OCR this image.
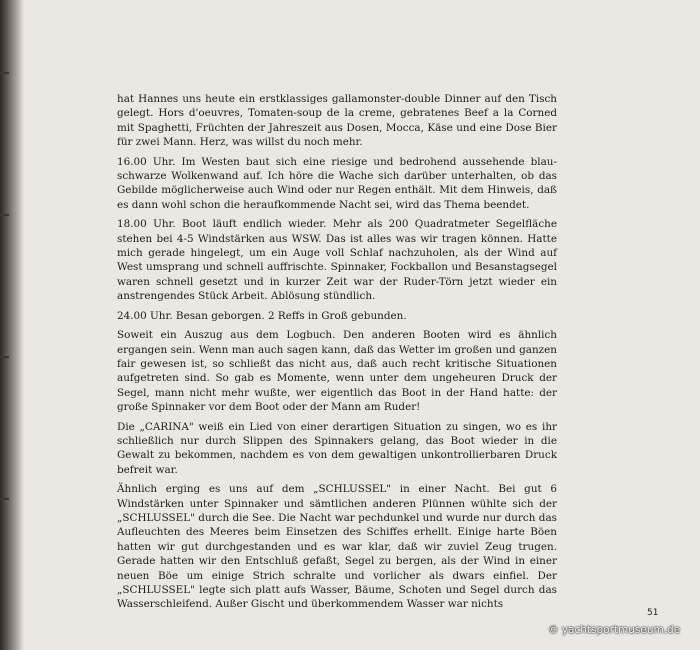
hat Hannes uns heute ein erstklassiges gallamonster-double Dinner auf den Tisch gelegt. Hors d'oeuvres, Tomaten-soup de la creme, gebratenes Beef a la Corned mit Spaghetti, Früchten der Jahreszeit aus Dosen, Mocca, Käse und eine Dose Bier für zwei Mann. Herz, was willst du noch mehr.

16.00 Uhr. Im Westen baut sich eine riesige und bedrohend aussehende blau-schwarze Wolkenwand auf. Ich höre die Wache sich darüber unterhalten, ob das Gebilde möglicherweise auch Wind oder nur Regen enthält. Mit dem Hinweis, daß es dann wohl schon die heraufkommende Nacht sei, wird das Thema beendet.

18.00 Uhr. Boot läuft endlich wieder. Mehr als 200 Quadratmeter Segelfläche stehen bei 4-5 Windstärken aus WSW. Das ist alles was wir tragen können. Hatte mich gerade hingelegt, um ein Auge voll Schlaf nachzuholen, als der Wind auf West umsprang und schnell auffrischte. Spinnaker, Fockballon und Besanstagsegel waren schnell gesetzt und in kurzer Zeit war der Ruder-Törn jetzt wieder ein anstrengendes Stück Arbeit. Ablösung stündlich.

24.00 Uhr. Besan geborgen. 2 Reffs in Groß gebunden.

Soweit ein Auszug aus dem Logbuch. Den anderen Booten wird es ähnlich ergangen sein. Wenn man auch sagen kann, daß das Wetter im großen und ganzen fair gewesen ist, so schließt das nicht aus, daß auch recht kritische Situationen aufgetreten sind. So gab es Momente, wenn unter dem ungeheuren Druck der Segel, mann nicht mehr wußte, wer eigentlich das Boot in der Hand hatte: der große Spinnaker vor dem Boot oder der Mann am Ruder!

Die „CARINA" weiß ein Lied von einer derartigen Situation zu singen, wo es ihr schließlich nur durch Slippen des Spinnakers gelang, das Boot wieder in die Gewalt zu bekommen, nachdem es von dem gewaltigen unkontrollierbaren Druck befreit war.

Ähnlich erging es uns auf dem „SCHLUSSEL" in einer Nacht. Bei gut 6 Windstärken unter Spinnaker und sämtlichen anderen Plünnen wühlte sich der „SCHLUSSEL" durch die See. Die Nacht war pechdunkel und wurde nur durch das Aufleuchten des Meeres beim Einsetzen des Schiffes erhellt. Einige harte Böen hatten wir gut durchgestanden und es war klar, daß wir zuviel Zeug trugen. Gerade hatten wir den Entschluß gefaßt, Segel zu bergen, als der Wind in einer neuen Böe um einige Strich schralte und vorlicher als dwars einfiel. Der „SCHLUSSEL" legte sich platt aufs Wasser, Bäume, Schoten und Segel durch das Wasserschleifend. Außer Gischt und überkommendem Wasser war nichts

51
© yachtsportmuseum.de
